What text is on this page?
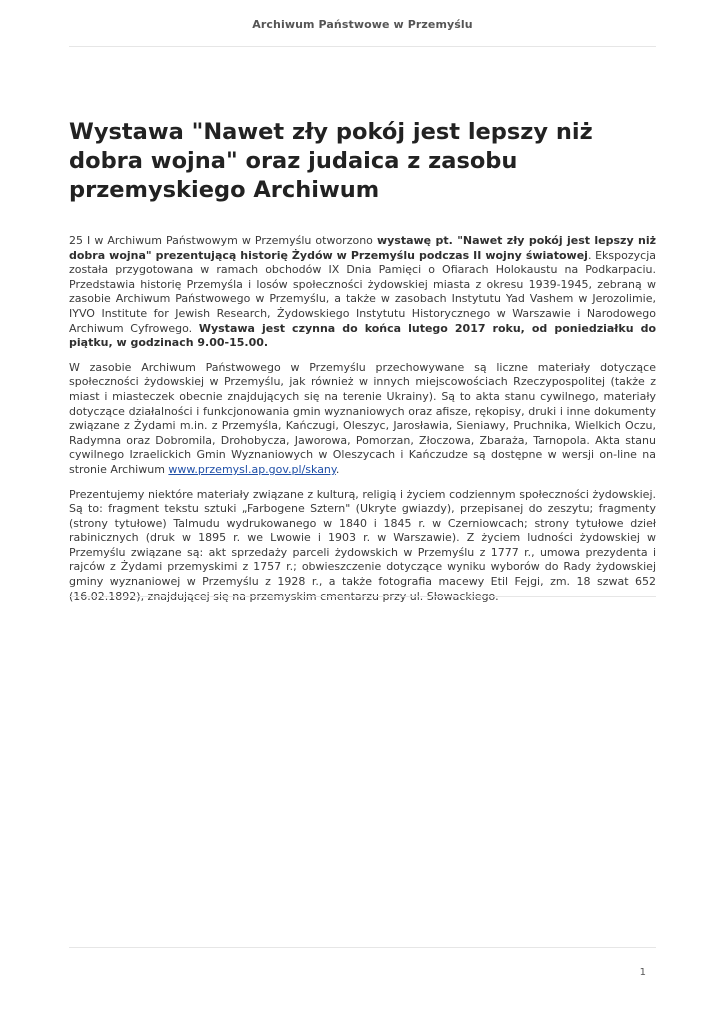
Archiwum Państwowe w Przemyślu
Wystawa "Nawet zły pokój jest lepszy niż dobra wojna" oraz judaica z zasobu przemyskiego Archiwum

25 I w Archiwum Państwowym w Przemyślu otworzono wystawę pt. "Nawet zły pokój jest lepszy niż dobra wojna" prezentującą historię Żydów w Przemyślu podczas II wojny światowej. Ekspozycja została przygotowana w ramach obchodów IX Dnia Pamięci o Ofiarach Holokaustu na Podkarpaciu. Przedstawia historię Przemyśla i losów społeczności żydowskiej miasta z okresu 1939-1945, zebraną w zasobie Archiwum Państwowego w Przemyślu, a także w zasobach Instytutu Yad Vashem w Jerozolimie, IYVO Institute for Jewish Research, Żydowskiego Instytutu Historycznego w Warszawie i Narodowego Archiwum Cyfrowego. Wystawa jest czynna do końca lutego 2017 roku, od poniedziałku do piątku, w godzinach 9.00-15.00.

W zasobie Archiwum Państwowego w Przemyślu przechowywane są liczne materiały dotyczące społeczności żydowskiej w Przemyślu, jak również w innych miejscowościach Rzeczypospolitej (także z miast i miasteczek obecnie znajdujących się na terenie Ukrainy). Są to akta stanu cywilnego, materiały dotyczące działalności i funkcjonowania gmin wyznaniowych oraz afisze, rękopisy, druki i inne dokumenty związane z Żydami m.in. z Przemyśla, Kańczugi, Oleszyc, Jarosławia, Sieniawy, Pruchnika, Wielkich Oczu, Radymna oraz Dobromila, Drohobycza, Jaworowa, Pomorzan, Złoczowa, Zbaraża, Tarnopola. Akta stanu cywilnego Izraelickich Gmin Wyznaniowych w Oleszycach i Kańczudze są dostępne w wersji on-line na stronie Archiwum www.przemysl.ap.gov.pl/skany.

Prezentujemy niektóre materiały związane z kulturą, religią i życiem codziennym społeczności żydowskiej. Są to: fragment tekstu sztuki „Farbogene Sztern" (Ukryte gwiazdy), przepisanej do zeszytu; fragmenty (strony tytułowe) Talmudu wydrukowanego w 1840 i 1845 r. w Czerniowcach; strony tytułowe dzieł rabinicznych (druk w 1895 r. we Lwowie i 1903 r. w Warszawie). Z życiem ludności żydowskiej w Przemyślu związane są: akt sprzedaży parceli żydowskich w Przemyślu z 1777 r., umowa prezydenta i rajców z Żydami przemyskimi z 1757 r.; obwieszczenie dotyczące wyniku wyborów do Rady żydowskiej gminy wyznaniowej w Przemyślu z 1928 r., a także fotografia macewy Etil Fejgi, zm. 18 szwat 652 (16.02.1892), znajdującej się na przemyskim cmentarzu przy ul. Słowackiego.

1
